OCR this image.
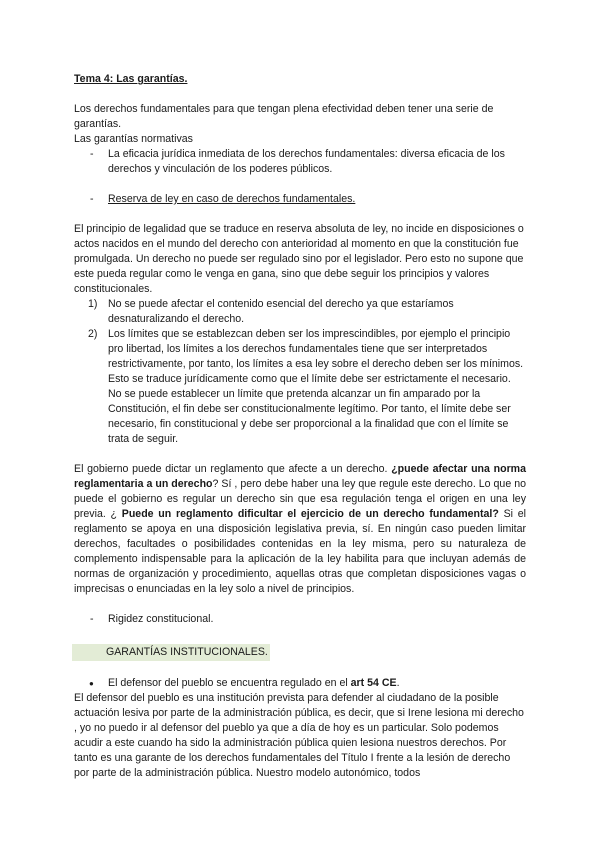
Tema 4: Las garantías.

Los derechos fundamentales para que tengan plena efectividad deben tener una serie de garantías.

Las garantías normativas

- La eficacia jurídica inmediata de los derechos fundamentales: diversa eficacia de los derechos y vinculación de los poderes públicos.
- Reserva de ley en caso de derechos fundamentales.

El principio de legalidad que se traduce en reserva absoluta de ley, no incide en disposiciones o actos nacidos en el mundo del derecho con anterioridad al momento en que la constitución fue promulgada. Un derecho no puede ser regulado sino por el legislador. Pero esto no supone que este pueda regular como le venga en gana, sino que debe seguir los principios y valores constitucionales.

1) No se puede afectar el contenido esencial del derecho ya que estaríamos desnaturalizando el derecho.
2) Los límites que se establezcan deben ser los imprescindibles, por ejemplo el principio pro libertad, los límites a los derechos fundamentales tiene que ser interpretados restrictivamente, por tanto, los límites a esa ley sobre el derecho deben ser los mínimos. Esto se traduce jurídicamente como que el límite debe ser estrictamente el necesario. No se puede establecer un límite que pretenda alcanzar un fin amparado por la Constitución, el fin debe ser constitucionalmente legítimo. Por tanto, el límite debe ser necesario, fin constitucional y debe ser proporcional a la finalidad que con el límite se trata de seguir.

El gobierno puede dictar un reglamento que afecte a un derecho. ¿puede afectar una norma reglamentaria a un derecho? Sí , pero debe haber una ley que regule este derecho. Lo que no puede el gobierno es regular un derecho sin que esa regulación tenga el origen en una ley previa. ¿ Puede un reglamento dificultar el ejercicio de un derecho fundamental? Si el reglamento se apoya en una disposición legislativa previa, sí. En ningún caso pueden limitar derechos, facultades o posibilidades contenidas en la ley misma, pero su naturaleza de complemento indispensable para la aplicación de la ley habilita para que incluyan además de normas de organización y procedimiento, aquellas otras que completan disposiciones vagas o imprecisas o enunciadas en la ley solo a nivel de principios.

- Rigidez constitucional.
GARANTÍAS INSTITUCIONALES.
● El defensor del pueblo se encuentra regulado en el art 54 CE.

El defensor del pueblo es una institución prevista para defender al ciudadano de la posible actuación lesiva por parte de la administración pública, es decir, que si Irene lesiona mi derecho , yo no puedo ir al defensor del pueblo ya que a día de hoy es un particular. Solo podemos acudir a este cuando ha sido la administración pública quien lesiona nuestros derechos. Por tanto es una garante de los derechos fundamentales del Título I frente a la lesión de derecho por parte de la administración pública. Nuestro modelo autonómico, todos
